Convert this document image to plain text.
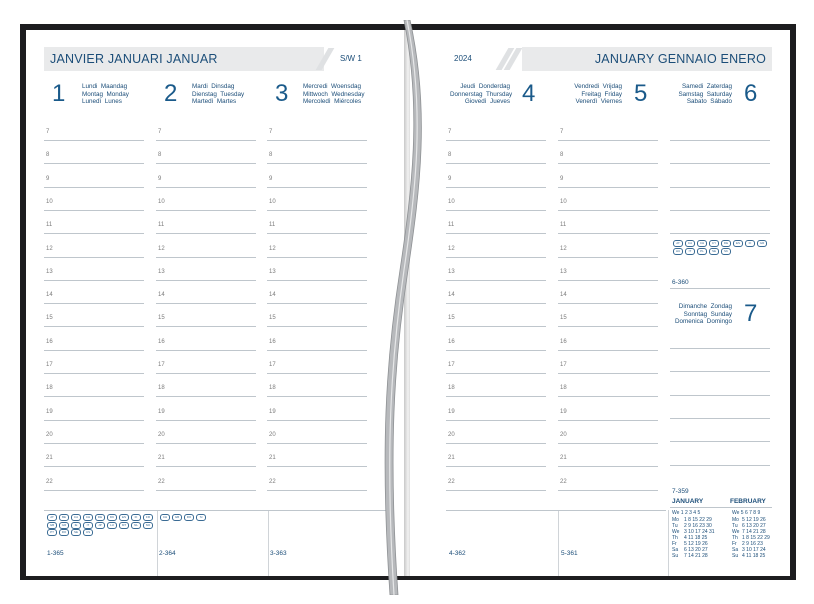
JANVIER JANUARI JANUAR	S/W 1
1	Lundi  Maandag
Montag  Monday
Lunedì  Lunes 2 Mardi  Dinsdag
Dienstag  Tuesday
Martedì  Martes	3 Mercredi  Woensdag
Mittwoch  Wednesday
Mercoledì  Miércoles
7	7	7
8	8	8
9	9	9
10	10	10
11	11	11
12	12	12
13	13	13
14	14	14
15	15	15
16	16	16
17	17	17
18	18	18
19	19	19
20	20	20
21	21	21
22	22	22
AT	BE	CA	CH	DE	DK	ES	FI	FRGB	GR	IE	IT	JP	LU	MT	NL	NOPT	RO	SE	US
CH	GB	RO	SI
1-365	2-364	3-363
2024	JANUARY GENNAIO ENERO
Jeudi  Donderdag
Donnerstag  Thursday
Giovedì  Jueves 4	Vendredi  Vrijdag
Freitag  Friday
Venerdì  Viernes 5	Samedi  Zaterdag
Samstag  Saturday
Sabato  Sábado 6
7	7
8	8
9	9
10	10
11	11
12	12
13	13
14	14
15	15
16	16
17	17
18	18
19	19
20	20
21	21
22	22
4-362	5-361
AT	CA	CH	CY	DE	ES	FI	GRHU	IT	PL	SE	SK
6-360
Dimanche  Zondag
Sonntag  Sunday
Domenica  Domingo 7
7-359
JANUARY	FEBRUARY
We 1 2 3 4 5	We 5 6 7 8 9
Mo 1 8 15 22 29	Mo 5 12 19 26
Tu 2 9 16 23 30	Tu 6 13 20 27
We 3 10 17 24 31	We 7 14 21 28
Th 4 11 18 25	Th 1 8 15 22 29
Fr 5 12 19 26	Fr 2 9 16 23
Sa 6 13 20 27	Sa 3 10 17 24
Su 7 14 21 28	Su 4 11 18 25
